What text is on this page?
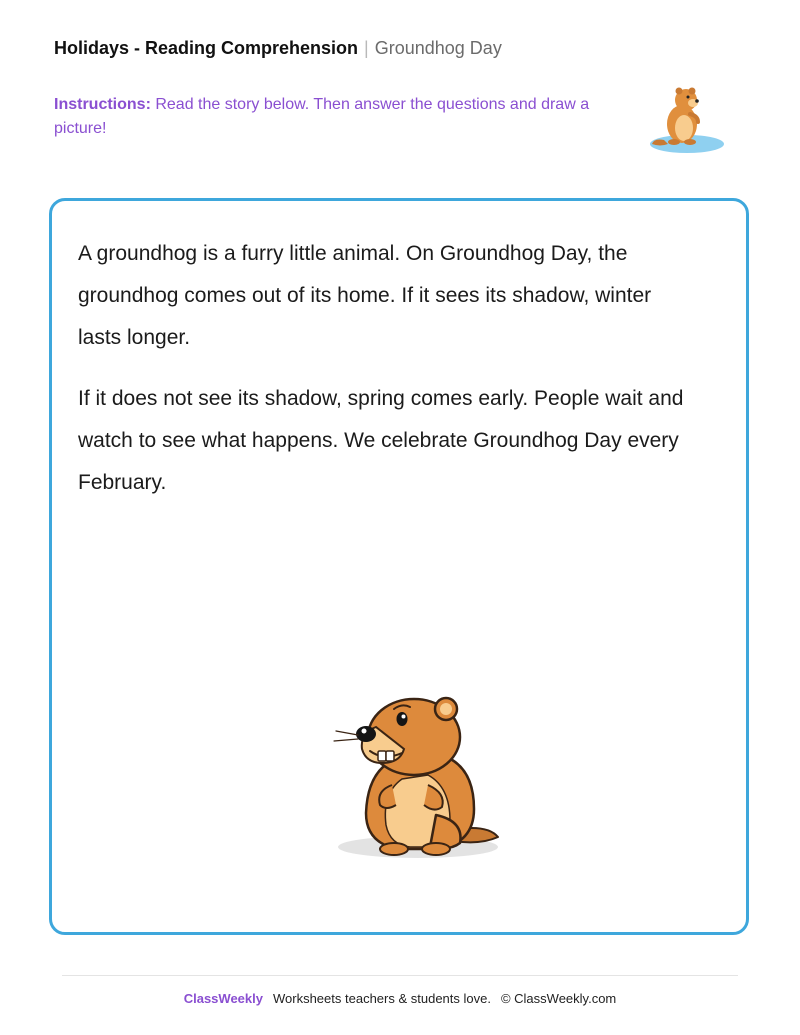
Holidays - Reading Comprehension | Groundhog Day
Instructions: Read the story below. Then answer the questions and draw a picture!

A groundhog is a furry little animal. On Groundhog Day, the groundhog comes out of its home. If it sees its shadow, winter lasts longer.

If it does not see its shadow, spring comes early. People wait and watch to see what happens. We celebrate Groundhog Day every February.

ClassWeekly Worksheets teachers & students love. © ClassWeekly.com
